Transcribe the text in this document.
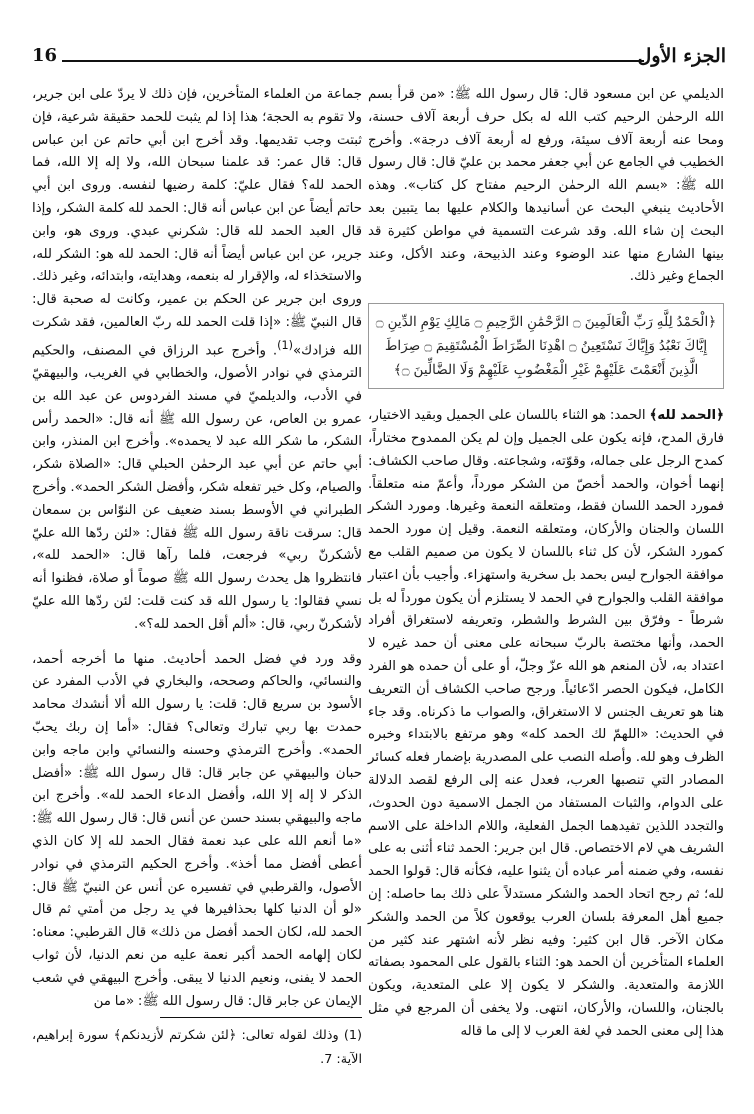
الجزء الأول
16

الديلمي عن ابن مسعود قال: قال رسول الله ﷺ: «من قرأ بسم الله الرحمٰن الرحيم كتب الله له بكل حرف أربعة آلاف حسنة، ومحا عنه أربعة آلاف سيئة، ورفع له أربعة آلاف درجة». وأخرج الخطيب في الجامع عن أبي جعفر محمد بن عليّ قال: قال رسول الله ﷺ: «بسم الله الرحمٰن الرحيم مفتاح كل كتاب». وهذه الأحاديث ينبغي البحث عن أسانيدها والكلام عليها بما يتبين بعد البحث إن شاء الله. وقد شرعت التسمية في مواطن كثيرة قد بينها الشارع منها عند الوضوء وعند الذبيحة، وعند الأكل، وعند الجماع وغير ذلك.

﴿الْحَمْدُ لِلَّهِ رَبِّ الْعَالَمِينَ ۝ الرَّحْمَٰنِ الرَّحِيمِ ۝ مَالِكِ يَوْمِ الدِّينِ ۝ إِيَّاكَ نَعْبُدُ وَإِيَّاكَ نَسْتَعِينُ ۝ اهْدِنَا الصِّرَاطَ الْمُسْتَقِيمَ ۝ صِرَاطَ الَّذِينَ أَنْعَمْتَ عَلَيْهِمْ غَيْرِ الْمَغْضُوبِ عَلَيْهِمْ وَلَا الضَّالِّينَ ۝﴾

﴿الحمد لله﴾ الحمد: هو الثناء باللسان على الجميل وبقيد الاختيار، فارق المدح، فإنه يكون على الجميل وإن لم يكن الممدوح مختاراً، كمدح الرجل على جماله، وقوّته، وشجاعته. وقال صاحب الكشاف: إنهما أخوان، والحمد أخصّ من الشكر مورداً، وأعمّ منه متعلقاً. فمورد الحمد اللسان فقط، ومتعلقه النعمة وغيرها. ومورد الشكر اللسان والجنان والأركان، ومتعلقه النعمة. وقيل إن مورد الحمد كمورد الشكر، لأن كل ثناء باللسان لا يكون من صميم القلب مع موافقة الجوارح ليس بحمد بل سخرية واستهزاء. وأجيب بأن اعتبار موافقة القلب والجوارح في الحمد لا يستلزم أن يكون مورداً له بل شرطاً - وفرّق بين الشرط والشطر، وتعريفه لاستغراق أفراد الحمد، وأنها مختصة بالربّ سبحانه على معنى أن حمد غيره لا اعتداد به، لأن المنعم هو الله عزّ وجلّ، أو على أن حمده هو الفرد الكامل، فيكون الحصر ادّعائياً. ورجح صاحب الكشاف أن التعريف هنا هو تعريف الجنس لا الاستغراق، والصواب ما ذكرناه. وقد جاء في الحديث: «اللهمّ لك الحمد كله» وهو مرتفع بالابتداء وخبره الظرف وهو لله. وأصله النصب على المصدرية بإضمار فعله كسائر المصادر التي تنصبها العرب، فعدل عنه إلى الرفع لقصد الدلالة على الدوام، والثبات المستفاد من الجمل الاسمية دون الحدوث، والتجدد اللذين تفيدهما الجمل الفعلية، واللام الداخلة على الاسم الشريف هي لام الاختصاص. قال ابن جرير: الحمد ثناء أثنى به على نفسه، وفي ضمنه أمر عباده أن يثنوا عليه، فكأنه قال: قولوا الحمد لله؛ ثم رجح اتحاد الحمد والشكر مستدلاً على ذلك بما حاصله: إن جميع أهل المعرفة بلسان العرب يوقعون كلاً من الحمد والشكر مكان الآخر. قال ابن كثير: وفيه نظر لأنه اشتهر عند كثير من العلماء المتأخرين أن الحمد هو: الثناء بالقول على المحمود بصفاته اللازمة والمتعدية. والشكر لا يكون إلا على المتعدية، ويكون بالجنان، واللسان، والأركان، انتهى. ولا يخفى أن المرجع في مثل هذا إلى معنى الحمد في لغة العرب لا إلى ما قاله

جماعة من العلماء المتأخرين، فإن ذلك لا يردّ على ابن جرير، ولا تقوم به الحجة؛ هذا إذا لم يثبت للحمد حقيقة شرعية، فإن ثبتت وجب تقديمها. وقد أخرج ابن أبي حاتم عن ابن عباس قال: قال عمر: قد علمنا سبحان الله، ولا إله إلا الله، فما الحمد لله؟ فقال عليّ: كلمة رضيها لنفسه. وروى ابن أبي حاتم أيضاً عن ابن عباس أنه قال: الحمد لله كلمة الشكر، وإذا قال العبد الحمد لله قال: شكرني عبدي. وروى هو، وابن جرير، عن ابن عباس أيضاً أنه قال: الحمد لله هو: الشكر لله، والاستخذاء له، والإقرار له بنعمه، وهدايته، وابتدائه، وغير ذلك. وروى ابن جرير عن الحكم بن عمير، وكانت له صحبة قال: قال النبيّ ﷺ: «إذا قلت الحمد لله ربّ العالمين، فقد شكرت الله فزادك»$^{(1)}$. وأخرج عبد الرزاق في المصنف، والحكيم الترمذي في نوادر الأصول، والخطابي في الغريب، والبيهقيّ في الأدب، والديلميّ في مسند الفردوس عن عبد الله بن عمرو بن العاص، عن رسول الله ﷺ أنه قال: «الحمد رأس الشكر، ما شكر الله عبد لا يحمده». وأخرج ابن المنذر، وابن أبي حاتم عن أبي عبد الرحمٰن الحبلي قال: «الصلاة شكر، والصيام، وكل خير تفعله شكر، وأفضل الشكر الحمد». وأخرج الطبراني في الأوسط بسند ضعيف عن النوّاس بن سمعان قال: سرقت ناقة رسول الله ﷺ فقال: «لئن ردّها الله عليّ لأشكرنّ ربي» فرجعت، فلما رآها قال: «الحمد لله»، فانتظروا هل يحدث رسول الله ﷺ صوماً أو صلاة، فظنوا أنه نسي فقالوا: يا رسول الله قد كنت قلت: لئن ردّها الله عليّ لأشكرنّ ربي، قال: «ألم أقل الحمد لله؟».

وقد ورد في فضل الحمد أحاديث. منها ما أخرجه أحمد، والنسائي، والحاكم وصححه، والبخاري في الأدب المفرد عن الأسود بن سريع قال: قلت: يا رسول الله ألا أنشدك محامد حمدت بها ربي تبارك وتعالى؟ فقال: «أما إن ربك يحبّ الحمد». وأخرج الترمذي وحسنه والنسائي وابن ماجه وابن حبان والبيهقي عن جابر قال: قال رسول الله ﷺ: «أفضل الذكر لا إله إلا الله، وأفضل الدعاء الحمد لله». وأخرج ابن ماجه والبيهقي بسند حسن عن أنس قال: قال رسول الله ﷺ: «ما أنعم الله على عبد نعمة فقال الحمد لله إلا كان الذي أعطى أفضل مما أخذ». وأخرج الحكيم الترمذي في نوادر الأصول، والقرطبي في تفسيره عن أنس عن النبيّ ﷺ قال: «لو أن الدنيا كلها بحذافيرها في يد رجل من أمتي ثم قال الحمد لله، لكان الحمد أفضل من ذلك» قال القرطبي: معناه: لكان إلهامه الحمد أكبر نعمة عليه من نعم الدنيا، لأن ثواب الحمد لا يفنى، ونعيم الدنيا لا يبقى. وأخرج البيهقي في شعب الإيمان عن جابر قال: قال رسول الله ﷺ: «ما من

(1) وذلك لقوله تعالى: ﴿لئن شكرتم لأزيدنكم﴾ سورة إبراهيم، الآية: 7.
